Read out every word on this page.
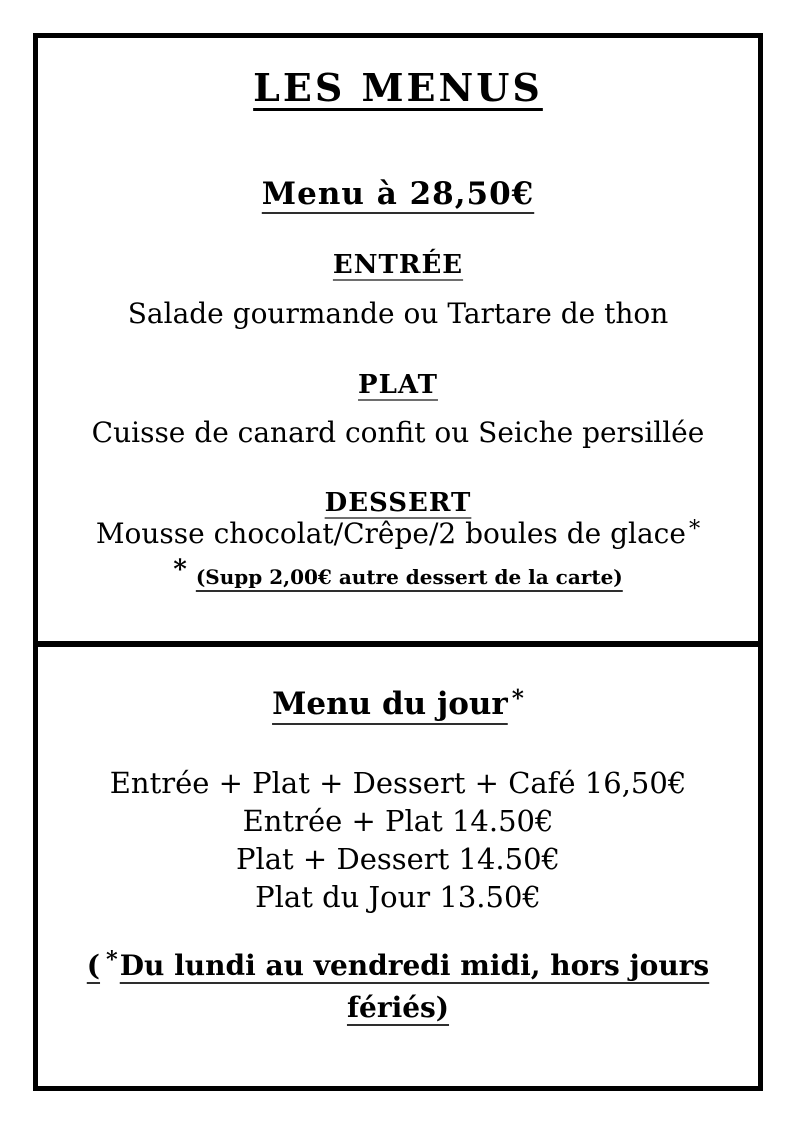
LES MENUS
Menu à 28,50€
ENTRÉE
Salade gourmande ou Tartare de thon
PLAT
Cuisse de canard confit ou Seiche persillée
DESSERT
Mousse chocolat/Crêpe/2 boules de glace *
* (Supp 2,00€ autre dessert de la carte)
Menu du jour *
Entrée + Plat + Dessert + Café 16,50€
Entrée + Plat 14.50€
Plat + Dessert 14.50€
Plat du Jour 13.50€
( *Du lundi au vendredi midi, hors jours fériés)
